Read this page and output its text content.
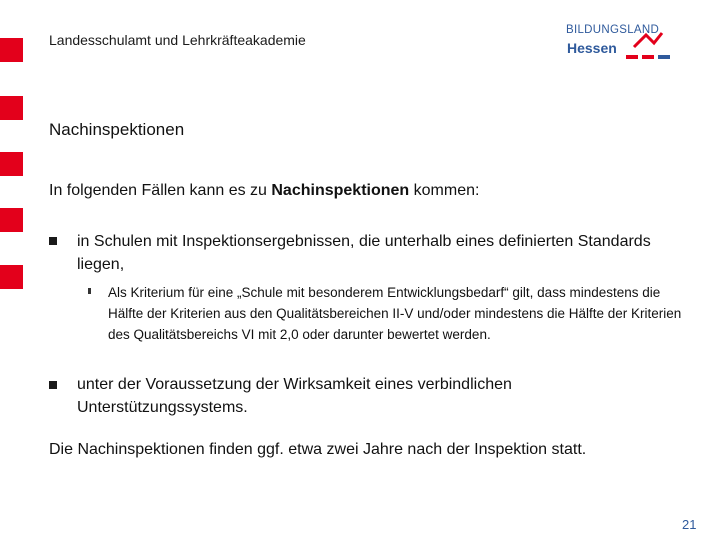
Landesschulamt und Lehrkräfteakademie
BILDUNGSLAND
Hessen
Nachinspektionen
In folgenden Fällen kann es zu Nachinspektionen kommen:
in Schulen mit Inspektionsergebnissen, die unterhalb eines definierten Standards liegen,
Als Kriterium für eine „Schule mit besonderem Entwicklungsbedarf“ gilt, dass mindestens die Hälfte der Kriterien aus den Qualitätsbereichen II-V und/oder mindestens die Hälfte der Kriterien des Qualitätsbereichs VI mit 2,0 oder darunter bewertet werden.
unter der Voraussetzung der Wirksamkeit eines verbindlichen Unterstützungssystems.
Die Nachinspektionen finden ggf. etwa zwei Jahre nach der Inspektion statt.
21
